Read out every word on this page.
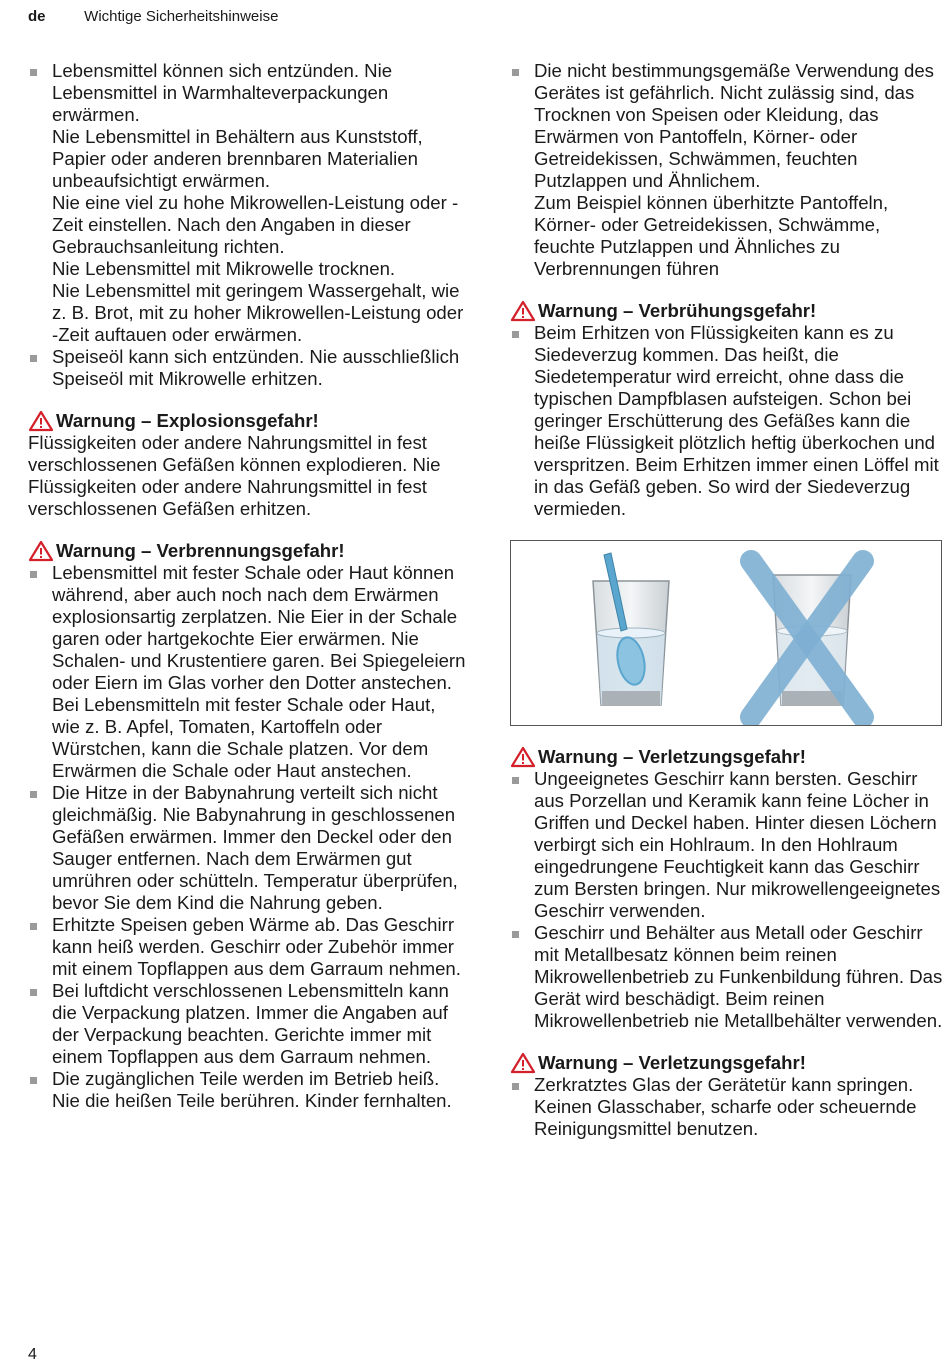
de	Wichtige Sicherheitshinweise

Lebensmittel können sich entzünden. Nie Lebensmittel in Warmhalteverpackungen erwärmen.

Nie Lebensmittel in Behältern aus Kunststoff, Papier oder anderen brennbaren Materialien unbeaufsichtigt erwärmen.

Nie eine viel zu hohe Mikrowellen-Leistung oder -Zeit einstellen. Nach den Angaben in dieser Gebrauchsanleitung richten.

Nie Lebensmittel mit Mikrowelle trocknen.

Nie Lebensmittel mit geringem Wassergehalt, wie z. B. Brot, mit zu hoher Mikrowellen-Leistung oder -Zeit auftauen oder erwärmen.

Speiseöl kann sich entzünden. Nie ausschließlich Speiseöl mit Mikrowelle erhitzen.

Warnung – Explosionsgefahr!

Flüssigkeiten oder andere Nahrungsmittel in fest verschlossenen Gefäßen können explodieren. Nie Flüssigkeiten oder andere Nahrungsmittel in fest verschlossenen Gefäßen erhitzen.

Warnung – Verbrennungsgefahr!

Lebensmittel mit fester Schale oder Haut können während, aber auch noch nach dem Erwärmen explosionsartig zerplatzen. Nie Eier in der Schale garen oder hartgekochte Eier erwärmen. Nie Schalen- und Krustentiere garen. Bei Spiegeleiern oder Eiern im Glas vorher den Dotter anstechen. Bei Lebensmitteln mit fester Schale oder Haut, wie z. B. Apfel, Tomaten, Kartoffeln oder Würstchen, kann die Schale platzen. Vor dem Erwärmen die Schale oder Haut anstechen.

Die Hitze in der Babynahrung verteilt sich nicht gleichmäßig. Nie Babynahrung in geschlossenen Gefäßen erwärmen. Immer den Deckel oder den Sauger entfernen. Nach dem Erwärmen gut umrühren oder schütteln. Temperatur überprüfen, bevor Sie dem Kind die Nahrung geben.

Erhitzte Speisen geben Wärme ab. Das Geschirr kann heiß werden. Geschirr oder Zubehör immer mit einem Topflappen aus dem Garraum nehmen.

Bei luftdicht verschlossenen Lebensmitteln kann die Verpackung platzen. Immer die Angaben auf der Verpackung beachten. Gerichte immer mit einem Topflappen aus dem Garraum nehmen.

Die zugänglichen Teile werden im Betrieb heiß. Nie die heißen Teile berühren. Kinder fernhalten.

Die nicht bestimmungsgemäße Verwendung des Gerätes ist gefährlich. Nicht zulässig sind, das Trocknen von Speisen oder Kleidung, das Erwärmen von Pantoffeln, Körner- oder Getreidekissen, Schwämmen, feuchten Putzlappen und Ähnlichem.

Zum Beispiel können überhitzte Pantoffeln, Körner- oder Getreidekissen, Schwämme, feuchte Putzlappen und Ähnliches zu Verbrennungen führen

Warnung – Verbrühungsgefahr!

Beim Erhitzen von Flüssigkeiten kann es zu Siedeverzug kommen. Das heißt, die Siedetemperatur wird erreicht, ohne dass die typischen Dampfblasen aufsteigen. Schon bei geringer Erschütterung des Gefäßes kann die heiße Flüssigkeit plötzlich heftig überkochen und verspritzen. Beim Erhitzen immer einen Löffel mit in das Gefäß geben. So wird der Siedeverzug vermieden.

Warnung – Verletzungsgefahr!

Ungeeignetes Geschirr kann bersten. Geschirr aus Porzellan und Keramik kann feine Löcher in Griffen und Deckel haben. Hinter diesen Löchern verbirgt sich ein Hohlraum. In den Hohlraum eingedrungene Feuchtigkeit kann das Geschirr zum Bersten bringen. Nur mikrowellengeeignetes Geschirr verwenden.

Geschirr und Behälter aus Metall oder Geschirr mit Metallbesatz können beim reinen Mikrowellenbetrieb zu Funkenbildung führen. Das Gerät wird beschädigt. Beim reinen Mikrowellenbetrieb nie Metallbehälter verwenden.

Warnung – Verletzungsgefahr!

Zerkratztes Glas der Gerätetür kann springen. Keinen Glasschaber, scharfe oder scheuernde Reinigungsmittel benutzen.

4
